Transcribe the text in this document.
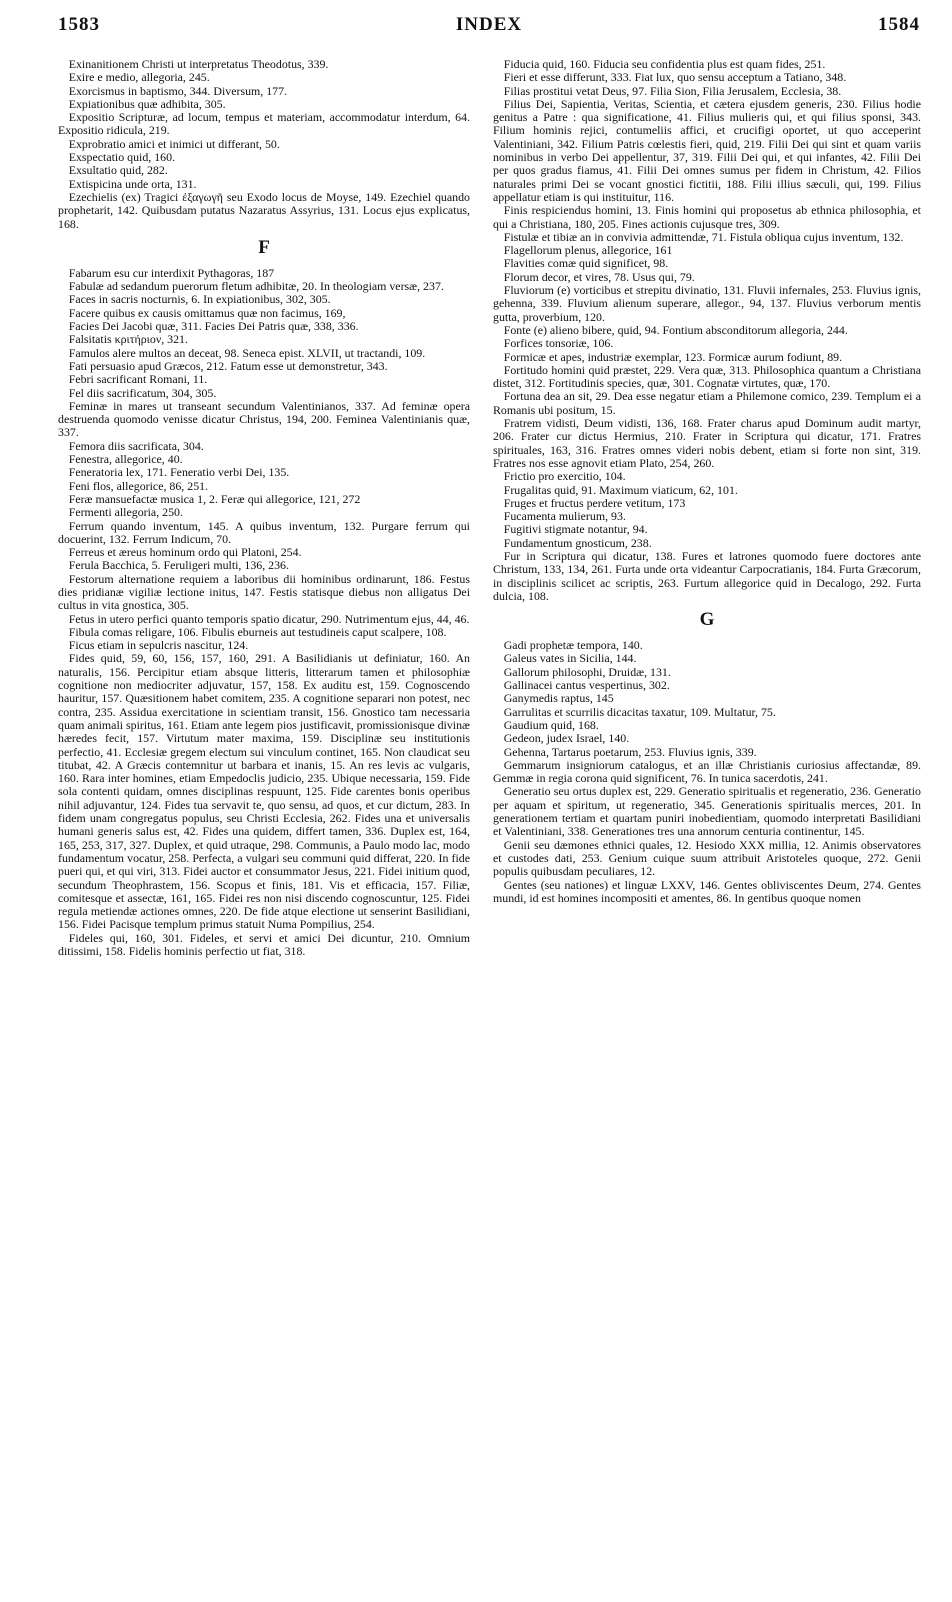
1583	INDEX	1584

Exinanitionem Christi ut interpretatus Theodotus, 339.

Exire e medio, allegoria, 245.

Exorcismus in baptismo, 344. Diversum, 177.

Expiationibus quæ adhibita, 305.

Expositio Scripturæ, ad locum, tempus et materiam, accommodatur interdum, 64. Expositio ridicula, 219.

Exprobratio amici et inimici ut differant, 50.

Exspectatio quid, 160.

Exsultatio quid, 282.

Extispicina unde orta, 131.

Ezechielis (ex) Tragici ἐξαγωγῆ seu Exodo locus de Moyse, 149. Ezechiel quando prophetarit, 142. Quibusdam putatus Nazaratus Assyrius, 131. Locus ejus explicatus, 168.

F

Fabarum esu cur interdixit Pythagoras, 187

Fabulæ ad sedandum puerorum fletum adhibitæ, 20. In theologiam versæ, 237.

Faces in sacris nocturnis, 6. In expiationibus, 302, 305.

Facere quibus ex causis omittamus quæ non facimus, 169,

Facies Dei Jacobi quæ, 311. Facies Dei Patris quæ, 338, 336.

Falsitatis κριτήριον, 321.

Famulos alere multos an deceat, 98. Seneca epist. XLVII, ut tractandi, 109.

Fati persuasio apud Græcos, 212. Fatum esse ut demonstretur, 343.

Febri sacrificant Romani, 11.

Fel diis sacrificatum, 304, 305.

Feminæ in mares ut transeant secundum Valentinianos, 337. Ad feminæ opera destruenda quomodo venisse dicatur Christus, 194, 200. Feminea Valentinianis quæ, 337.

Femora diis sacrificata, 304.

Fenestra, allegorice, 40.

Feneratoria lex, 171. Feneratio verbi Dei, 135.

Feni flos, allegorice, 86, 251.

Feræ mansuefactæ musica 1, 2. Feræ qui allegorice, 121, 272

Fermenti allegoria, 250.

Ferrum quando inventum, 145. A quibus inventum, 132. Purgare ferrum qui docuerint, 132. Ferrum Indicum, 70.

Ferreus et æreus hominum ordo qui Platoni, 254.

Ferula Bacchica, 5. Feruligeri multi, 136, 236.

Festorum alternatione requiem a laboribus dii hominibus ordinarunt, 186. Festus dies pridianæ vigiliæ lectione initus, 147. Festis statisque diebus non alligatus Dei cultus in vita gnostica, 305.

Fetus in utero perfici quanto temporis spatio dicatur, 290. Nutrimentum ejus, 44, 46.

Fibula comas religare, 106. Fibulis eburneis aut testudineis caput scalpere, 108.

Ficus etiam in sepulcris nascitur, 124.

Fides quid, 59, 60, 156, 157, 160, 291. A Basilidianis ut definiatur, 160. An naturalis, 156. Percipitur etiam absque litteris, litterarum tamen et philosophiæ cognitione non mediocriter adjuvatur, 157, 158. Ex auditu est, 159. Cognoscendo hauritur, 157. Quæsitionem habet comitem, 235. A cognitione separari non potest, nec contra, 235. Assidua exercitatione in scientiam transit, 156. Gnostico tam necessaria quam animali spiritus, 161. Etiam ante legem pios justificavit, promissionisque divinæ hæredes fecit, 157. Virtutum mater maxima, 159. Disciplinæ seu institutionis perfectio, 41. Ecclesiæ gregem electum sui vinculum continet, 165. Non claudicat seu titubat, 42. A Græcis contemnitur ut barbara et inanis, 15. An res levis ac vulgaris, 160. Rara inter homines, etiam Empedoclis judicio, 235. Ubique necessaria, 159. Fide sola contenti quidam, omnes disciplinas respuunt, 125. Fide carentes bonis operibus nihil adjuvantur, 124. Fides tua servavit te, quo sensu, ad quos, et cur dictum, 283. In fidem unam congregatus populus, seu Christi Ecclesia, 262. Fides una et universalis humani generis salus est, 42. Fides una quidem, differt tamen, 336. Duplex est, 164, 165, 253, 317, 327. Duplex, et quid utraque, 298. Communis, a Paulo modo lac, modo fundamentum vocatur, 258. Perfecta, a vulgari seu communi quid differat, 220. In fide pueri qui, et qui viri, 313. Fidei auctor et consummator Jesus, 221. Fidei initium quod, secundum Theophrastem, 156. Scopus et finis, 181. Vis et efficacia, 157. Filiæ, comitesque et assectæ, 161, 165. Fidei res non nisi discendo cognoscuntur, 125. Fidei regula metiendæ actiones omnes, 220. De fide atque electione ut senserint Basilidiani, 156. Fidei Pacisque templum primus statuit Numa Pompilius, 254.

Fideles qui, 160, 301. Fideles, et servi et amici Dei dicuntur, 210. Omnium ditissimi, 158. Fidelis hominis perfectio ut fiat, 318.

Fiducia quid, 160. Fiducia seu confidentia plus est quam fides, 251.

Fieri et esse differunt, 333. Fiat lux, quo sensu acceptum a Tatiano, 348.

Filias prostitui vetat Deus, 97. Filia Sion, Filia Jerusalem, Ecclesia, 38.

Filius Dei, Sapientia, Veritas, Scientia, et cætera ejusdem generis, 230. Filius hodie genitus a Patre : qua significatione, 41. Filius mulieris qui, et qui filius sponsi, 343. Filium hominis rejici, contumeliis affici, et crucifigi oportet, ut quo acceperint Valentiniani, 342. Filium Patris cœlestis fieri, quid, 219. Filii Dei qui sint et quam variis nominibus in verbo Dei appellentur, 37, 319. Filii Dei qui, et qui infantes, 42. Filii Dei per quos gradus fiamus, 41. Filii Dei omnes sumus per fidem in Christum, 42. Filios naturales primi Dei se vocant gnostici fictitii, 188. Filii illius sæculi, qui, 199. Filius appellatur etiam is qui instituitur, 116.

Finis respiciendus homini, 13. Finis homini qui proposetus ab ethnica philosophia, et qui a Christiana, 180, 205. Fines actionis cujusque tres, 309.

Fistulæ et tibiæ an in convivia admittendæ, 71. Fistula obliqua cujus inventum, 132.

Flagellorum plenus, allegorice, 161

Flavities comæ quid significet, 98.

Florum decor, et vires, 78. Usus qui, 79.

Fluviorum (e) vorticibus et strepitu divinatio, 131. Fluvii infernales, 253. Fluvius ignis, gehenna, 339. Fluvium alienum superare, allegor., 94, 137. Fluvius verborum mentis gutta, proverbium, 120.

Fonte (e) alieno bibere, quid, 94. Fontium absconditorum allegoria, 244.

Forfices tonsoriæ, 106.

Formicæ et apes, industriæ exemplar, 123. Formicæ aurum fodiunt, 89.

Fortitudo homini quid præstet, 229. Vera quæ, 313. Philosophica quantum a Christiana distet, 312. Fortitudinis species, quæ, 301. Cognatæ virtutes, quæ, 170.

Fortuna dea an sit, 29. Dea esse negatur etiam a Philemone comico, 239. Templum ei a Romanis ubi positum, 15.

Fratrem vidisti, Deum vidisti, 136, 168. Frater charus apud Dominum audit martyr, 206. Frater cur dictus Hermius, 210. Frater in Scriptura qui dicatur, 171. Fratres spirituales, 163, 316. Fratres omnes videri nobis debent, etiam si forte non sint, 319. Fratres nos esse agnovit etiam Plato, 254, 260.

Frictio pro exercitio, 104.

Frugalitas quid, 91. Maximum viaticum, 62, 101.

Fruges et fructus perdere vetitum, 173

Fucamenta mulierum, 93.

Fugitivi stigmate notantur, 94.

Fundamentum gnosticum, 238.

Fur in Scriptura qui dicatur, 138. Fures et latrones quomodo fuere doctores ante Christum, 133, 134, 261. Furta unde orta videantur Carpocratianis, 184. Furta Græcorum, in disciplinis scilicet ac scriptis, 263. Furtum allegorice quid in Decalogo, 292. Furta dulcia, 108.

G

Gadi prophetæ tempora, 140.

Galeus vates in Sicilia, 144.

Gallorum philosophi, Druidæ, 131.

Gallinacei cantus vespertinus, 302.

Ganymedis raptus, 145

Garrulitas et scurrilis dicacitas taxatur, 109. Multatur, 75.

Gaudium quid, 168.

Gedeon, judex Israel, 140.

Gehenna, Tartarus poetarum, 253. Fluvius ignis, 339.

Gemmarum insigniorum catalogus, et an illæ Christianis curiosius affectandæ, 89. Gemmæ in regia corona quid significent, 76. In tunica sacerdotis, 241.

Generatio seu ortus duplex est, 229. Generatio spiritualis et regeneratio, 236. Generatio per aquam et spiritum, ut regeneratio, 345. Generationis spiritualis merces, 201. In generationem tertiam et quartam puniri inobedientiam, quomodo interpretati Basilidiani et Valentiniani, 338. Generationes tres una annorum centuria continentur, 145.

Genii seu dæmones ethnici quales, 12. Hesiodo XXX millia, 12. Animis observatores et custodes dati, 253. Genium cuique suum attribuit Aristoteles quoque, 272. Genii populis quibusdam peculiares, 12.

Gentes (seu nationes) et linguæ LXXV, 146. Gentes obliviscentes Deum, 274. Gentes mundi, id est homines incompositi et amentes, 86. In gentibus quoque nomen
